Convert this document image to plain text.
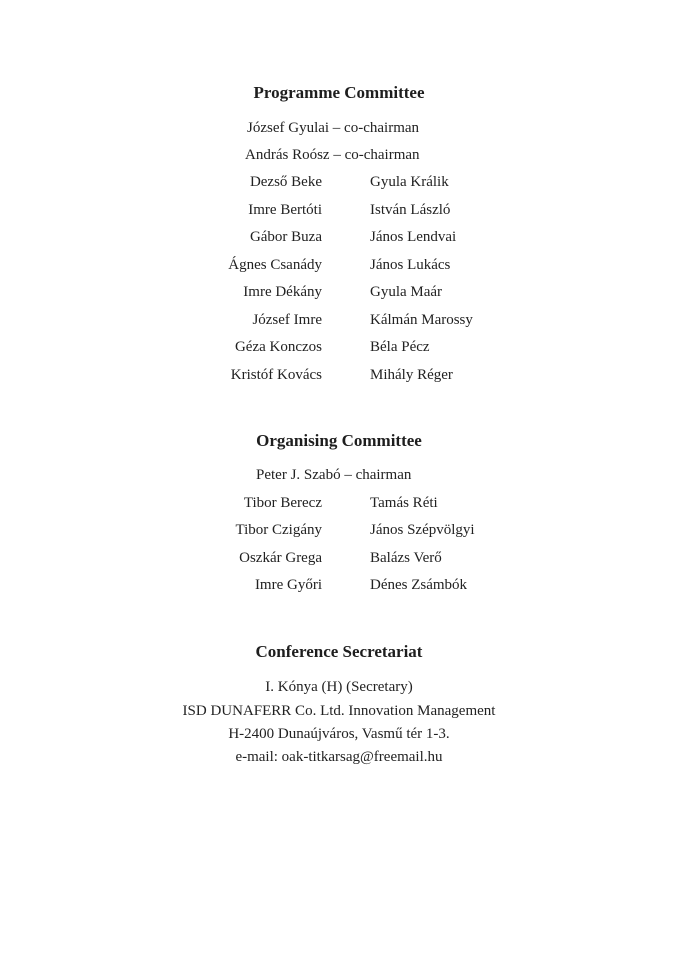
Programme Committee
József Gyulai – co-chairman
András Roósz – co-chairman
Dezső Beke	Gyula Králik
Imre Bertóti	István László
Gábor Buza	János Lendvai
Ágnes Csanády	János Lukács
Imre Dékány	Gyula Maár
József Imre	Kálmán Marossy
Géza Konczos	Béla Pécz
Kristóf Kovács	Mihály Réger
Organising Committee
Peter J. Szabó – chairman
Tibor Berecz	Tamás Réti
Tibor Czigány	János Szépvölgyi
Oszkár Grega	Balázs Verő
Imre Győri	Dénes Zsámbók
Conference Secretariat
I. Kónya (H) (Secretary)
ISD DUNAFERR Co. Ltd. Innovation Management
H-2400 Dunaújváros, Vasmű tér 1-3.
e-mail: oak-titkarsag@freemail.hu
